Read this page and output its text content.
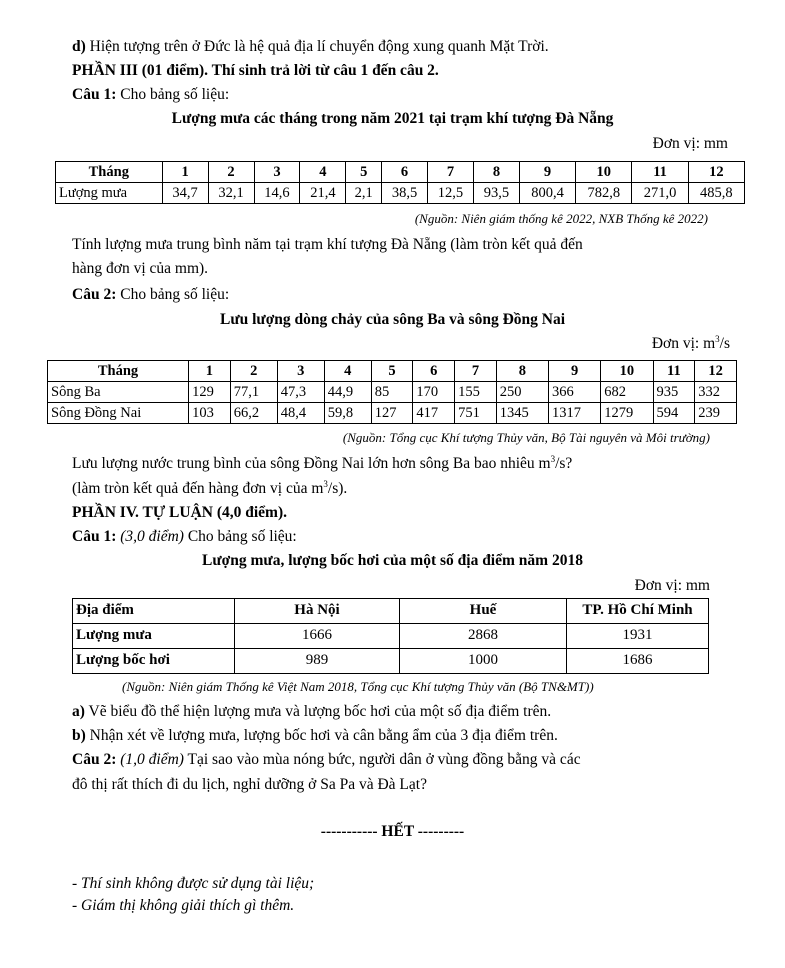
d) Hiện tượng trên ở Đức là hệ quả địa lí chuyển động xung quanh Mặt Trời.
PHẦN III (01 điểm). Thí sinh trả lời từ câu 1 đến câu 2.
Câu 1: Cho bảng số liệu:
Lượng mưa các tháng trong năm 2021 tại trạm khí tượng Đà Nẵng
Đơn vị: mm
Tháng	1	2	3	4	5	6	7	8	9	10	11	12
Lượng mưa	34,7	32,1	14,6	21,4	2,1	38,5	12,5	93,5	800,4	782,8	271,0	485,8
(Nguồn: Niên giám thống kê 2022, NXB Thống kê 2022)
Tính lượng mưa trung bình năm tại trạm khí tượng Đà Nẵng (làm tròn kết quả đến
hàng đơn vị của mm).
Câu 2: Cho bảng số liệu:
Lưu lượng dòng chảy của sông Ba và sông Đồng Nai
Đơn vị: $m^3/s$
Tháng	1	2	3	4	5	6	7	8	9	10	11	12
Sông Ba	129	77,1	47,3	44,9	85	170	155	250	366	682	935	332
Sông Đồng Nai	103	66,2	48,4	59,8	127	417	751	1345	1317	1279	594	239
(Nguồn: Tổng cục Khí tượng Thủy văn, Bộ Tài nguyên và Môi trường)
Lưu lượng nước trung bình của sông Đồng Nai lớn hơn sông Ba bao nhiêu $m^3/s$?
(làm tròn kết quả đến hàng đơn vị của $m^3/s$).
PHẦN IV. TỰ LUẬN (4,0 điểm).
Câu 1: (3,0 điểm) Cho bảng số liệu:
Lượng mưa, lượng bốc hơi của một số địa điểm năm 2018
Đơn vị: mm
Địa điểm	Hà Nội	Huế	TP. Hồ Chí Minh
Lượng mưa	1666	2868	1931
Lượng bốc hơi	989	1000	1686
(Nguồn: Niên giám Thống kê Việt Nam 2018, Tổng cục Khí tượng Thủy văn (Bộ TN&MT))
a) Vẽ biểu đồ thể hiện lượng mưa và lượng bốc hơi của một số địa điểm trên.
b) Nhận xét về lượng mưa, lượng bốc hơi và cân bằng ẩm của 3 địa điểm trên.
Câu 2: (1,0 điểm) Tại sao vào mùa nóng bức, người dân ở vùng đồng bằng và các
đô thị rất thích đi du lịch, nghỉ dưỡng ở Sa Pa và Đà Lạt?
----------- HẾT ---------
- Thí sinh không được sử dụng tài liệu;
- Giám thị không giải thích gì thêm.
